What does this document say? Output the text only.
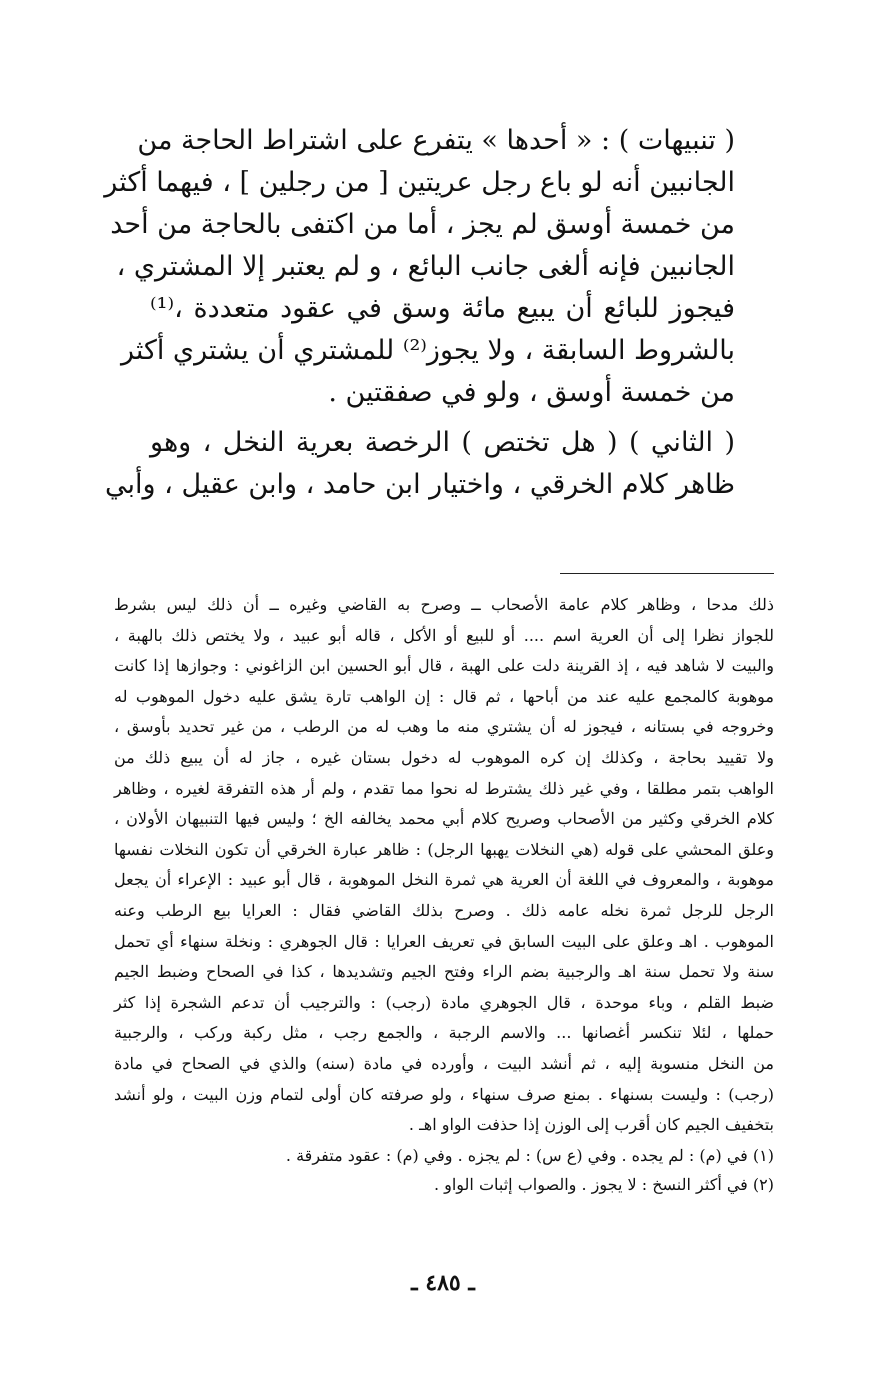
( تنبيهات ) : « أحدها » يتفرع على اشتراط الحاجة من
الجانبين أنه لو باع رجل عريتين [ من رجلين ] ، فيهما أكثر
من خمسة أوسق لم يجز ، أما من اكتفى بالحاجة من أحد
الجانبين فإنه ألغى جانب البائع ، و لم يعتبر إلا المشتري ،
فيجوز للبائع أن يبيع مائة وسق في عقود متعددة ،⁽¹⁾
بالشروط السابقة ، ولا يجوز⁽²⁾ للمشتري أن يشتري أكثر
من خمسة أوسق ، ولو في صفقتين .
( الثاني ) ( هل تختص ) الرخصة بعرية النخل ، وهو
ظاهر كلام الخرقي ، واختيار ابن حامد ، وابن عقيل ، وأبي
ذلك مدحا ، وظاهر كلام عامة الأصحاب ــ وصرح به القاضي وغيره ــ أن ذلك ليس بشرط
للجواز نظرا إلى أن العرية اسم .... أو للبيع أو الأكل ، قاله أبو عبيد ، ولا يختص ذلك بالهبة ،
والبيت لا شاهد فيه ، إذ القرينة دلت على الهبة ، قال أبو الحسين ابن الزاغوني : وجوازها إذا كانت
موهوبة كالمجمع عليه عند من أباحها ، ثم قال : إن الواهب تارة يشق عليه دخول الموهوب له
وخروجه في بستانه ، فيجوز له أن يشتري منه ما وهب له من الرطب ، من غير تحديد بأوسق ،
ولا تقييد بحاجة ، وكذلك إن كره الموهوب له دخول بستان غيره ، جاز له أن يبيع ذلك من
الواهب بتمر مطلقا ، وفي غير ذلك يشترط له نحوا مما تقدم ، ولم أر هذه التفرقة لغيره ، وظاهر
كلام الخرقي وكثير من الأصحاب وصريح كلام أبي محمد يخالفه الخ ؛ وليس فيها التنبيهان الأولان ،
وعلق المحشي على قوله (هي النخلات يهبها الرجل) : ظاهر عبارة الخرقي أن تكون النخلات نفسها
موهوبة ، والمعروف في اللغة أن العرية هي ثمرة النخل الموهوبة ، قال أبو عبيد : الإعراء أن يجعل
الرجل للرجل ثمرة نخله عامه ذلك . وصرح بذلك القاضي فقال : العرايا بيع الرطب وعنه
الموهوب . اهـ وعلق على البيت السابق في تعريف العرايا : قال الجوهري : ونخلة سنهاء أي تحمل
سنة ولا تحمل سنة اهـ والرجبية بضم الراء وفتح الجيم وتشديدها ، كذا في الصحاح وضبط الجيم
ضبط القلم ، وباء موحدة ، قال الجوهري مادة (رجب) : والترجيب أن تدعم الشجرة إذا كثر
حملها ، لئلا تنكسر أغصانها ... والاسم الرجبة ، والجمع رجب ، مثل ركبة وركب ، والرجبية
من النخل منسوبة إليه ، ثم أنشد البيت ، وأورده في مادة (سنه) والذي في الصحاح في مادة
(رجب) : وليست بسنهاء . بمنع صرف سنهاء ، ولو صرفته كان أولى لتمام وزن البيت ، ولو أنشد
بتخفيف الجيم كان أقرب إلى الوزن إذا حذفت الواو اهـ .
(١) في (م) : لم يجده . وفي (ع س) : لم يجزه . وفي (م) : عقود متفرقة .
(٢) في أكثر النسخ : لا يجوز . والصواب إثبات الواو .
ـ ٤٨٥ ـ
